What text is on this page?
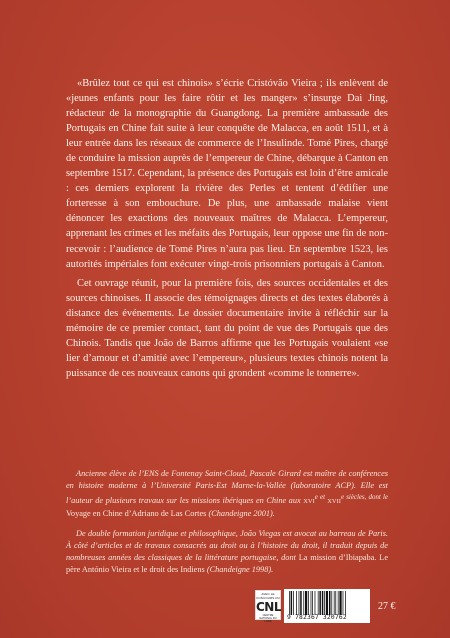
«Brûlez tout ce qui est chinois» s’écrie Cristóvão Vieira ; ils enlèvent de «jeunes enfants pour les faire rôtir et les manger» s’insurge Dai Jing, rédacteur de la monographie du Guangdong. La première ambassade des Portugais en Chine fait suite à leur conquête de Malacca, en août 1511, et à leur entrée dans les réseaux de commerce de l’Insulinde. Tomé Pires, chargé de conduire la mission auprès de l’empereur de Chine, débarque à Canton en septembre 1517. Cependant, la présence des Portugais est loin d’être amicale : ces derniers explorent la rivière des Perles et tentent d’édifier une forteresse à son embouchure. De plus, une ambassade malaise vient dénoncer les exactions des nouveaux maîtres de Malacca. L’empereur, apprenant les crimes et les méfaits des Portugais, leur oppose une fin de non-recevoir : l’audience de Tomé Pires n’aura pas lieu. En septembre 1523, les autorités impériales font exécuter vingt-trois prisonniers portugais à Canton.

Cet ouvrage réunit, pour la première fois, des sources occidentales et des sources chinoises. Il associe des témoignages directs et des textes élaborés à distance des événements. Le dossier documentaire invite à réfléchir sur la mémoire de ce premier contact, tant du point de vue des Portugais que des Chinois. Tandis que João de Barros affirme que les Portugais voulaient «se lier d’amour et d’amitié avec l’empereur», plusieurs textes chinois notent la puissance de ces nouveaux canons qui grondent «comme le tonnerre».

Ancienne élève de l’ENS de Fontenay Saint-Cloud, Pascale Girard est maître de conférences en histoire moderne à l’Université Paris-Est Marne-la-Vallée (laboratoire ACP). Elle est l’auteur de plusieurs travaux sur les missions ibériques en Chine aux $XVI^{e et}$ $XVII^{e siècles, dont le}$ Voyage en Chine d’Adriano de Las Cortes (Chandeigne 2001).

De double formation juridique et philosophique, João Viegas est avocat au barreau de Paris. À côté d’articles et de travaux consacrés au droit ou à l’histoire du droit, il traduit depuis de nombreuses années des classiques de la littérature portugaise, dont La mission d’Ibiapaba. Le père António Vieira et le droit des Indiens (Chandeigne 1998).

AVEC LE CONCOURS DU
CNL
CENTRE NATIONAL DU LIVRE
9 782367 320762
27 €
